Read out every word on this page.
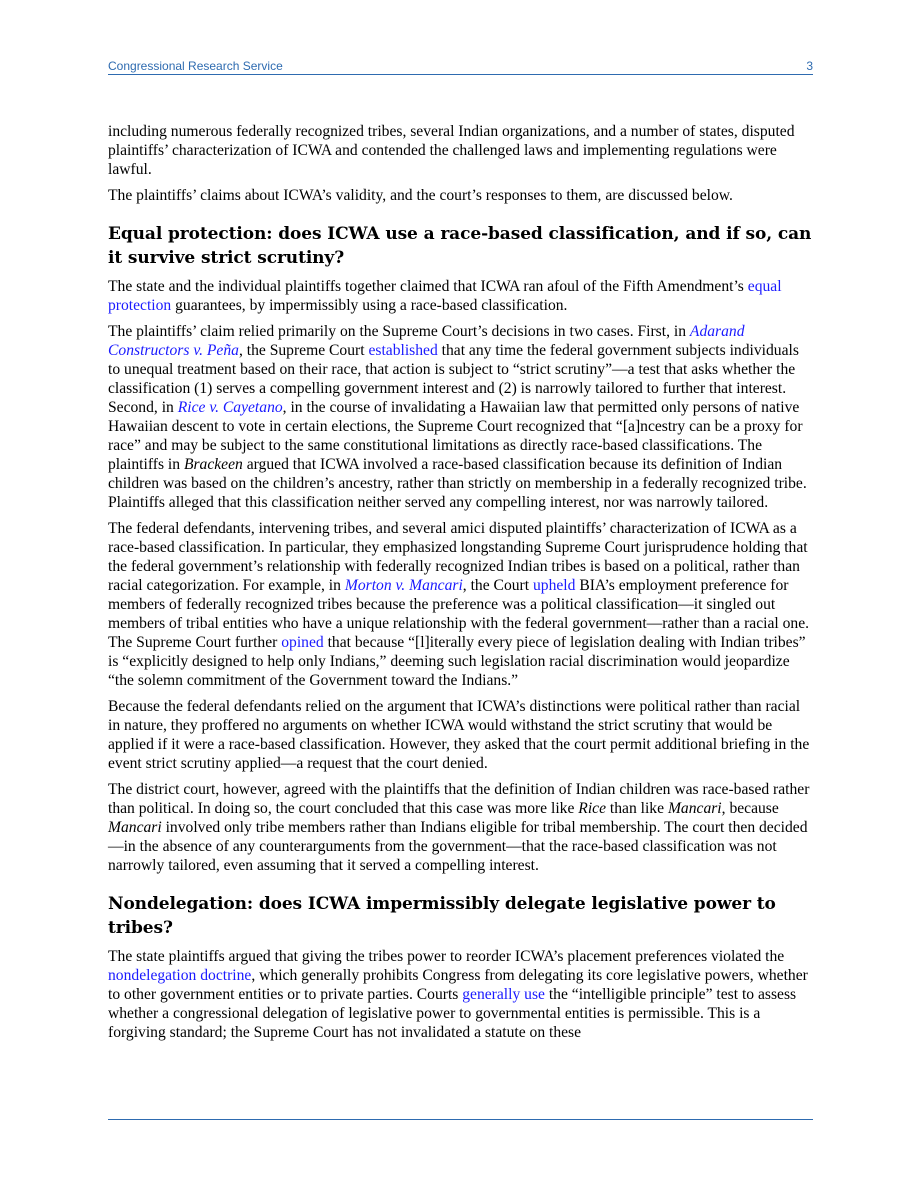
Congressional Research Service	3

including numerous federally recognized tribes, several Indian organizations, and a number of states, disputed plaintiffs’ characterization of ICWA and contended the challenged laws and implementing regulations were lawful.

The plaintiffs’ claims about ICWA’s validity, and the court’s responses to them, are discussed below.

Equal protection: does ICWA use a race-based classification, and if so, can it survive strict scrutiny?

The state and the individual plaintiffs together claimed that ICWA ran afoul of the Fifth Amendment’s equal protection guarantees, by impermissibly using a race-based classification.

The plaintiffs’ claim relied primarily on the Supreme Court’s decisions in two cases. First, in Adarand Constructors v. Peña, the Supreme Court established that any time the federal government subjects individuals to unequal treatment based on their race, that action is subject to “strict scrutiny”—a test that asks whether the classification (1) serves a compelling government interest and (2) is narrowly tailored to further that interest. Second, in Rice v. Cayetano, in the course of invalidating a Hawaiian law that permitted only persons of native Hawaiian descent to vote in certain elections, the Supreme Court recognized that “[a]ncestry can be a proxy for race” and may be subject to the same constitutional limitations as directly race-based classifications. The plaintiffs in Brackeen argued that ICWA involved a race-based classification because its definition of Indian children was based on the children’s ancestry, rather than strictly on membership in a federally recognized tribe. Plaintiffs alleged that this classification neither served any compelling interest, nor was narrowly tailored.

The federal defendants, intervening tribes, and several amici disputed plaintiffs’ characterization of ICWA as a race-based classification. In particular, they emphasized longstanding Supreme Court jurisprudence holding that the federal government’s relationship with federally recognized Indian tribes is based on a political, rather than racial categorization. For example, in Morton v. Mancari, the Court upheld BIA’s employment preference for members of federally recognized tribes because the preference was a political classification—it singled out members of tribal entities who have a unique relationship with the federal government—rather than a racial one. The Supreme Court further opined that because “[l]iterally every piece of legislation dealing with Indian tribes” is “explicitly designed to help only Indians,” deeming such legislation racial discrimination would jeopardize “the solemn commitment of the Government toward the Indians.”

Because the federal defendants relied on the argument that ICWA’s distinctions were political rather than racial in nature, they proffered no arguments on whether ICWA would withstand the strict scrutiny that would be applied if it were a race-based classification. However, they asked that the court permit additional briefing in the event strict scrutiny applied—a request that the court denied.

The district court, however, agreed with the plaintiffs that the definition of Indian children was race-based rather than political. In doing so, the court concluded that this case was more like Rice than like Mancari, because Mancari involved only tribe members rather than Indians eligible for tribal membership. The court then decided—in the absence of any counterarguments from the government—that the race-based classification was not narrowly tailored, even assuming that it served a compelling interest.

Nondelegation: does ICWA impermissibly delegate legislative power to tribes?

The state plaintiffs argued that giving the tribes power to reorder ICWA’s placement preferences violated the nondelegation doctrine, which generally prohibits Congress from delegating its core legislative powers, whether to other government entities or to private parties. Courts generally use the “intelligible principle” test to assess whether a congressional delegation of legislative power to governmental entities is permissible. This is a forgiving standard; the Supreme Court has not invalidated a statute on these
